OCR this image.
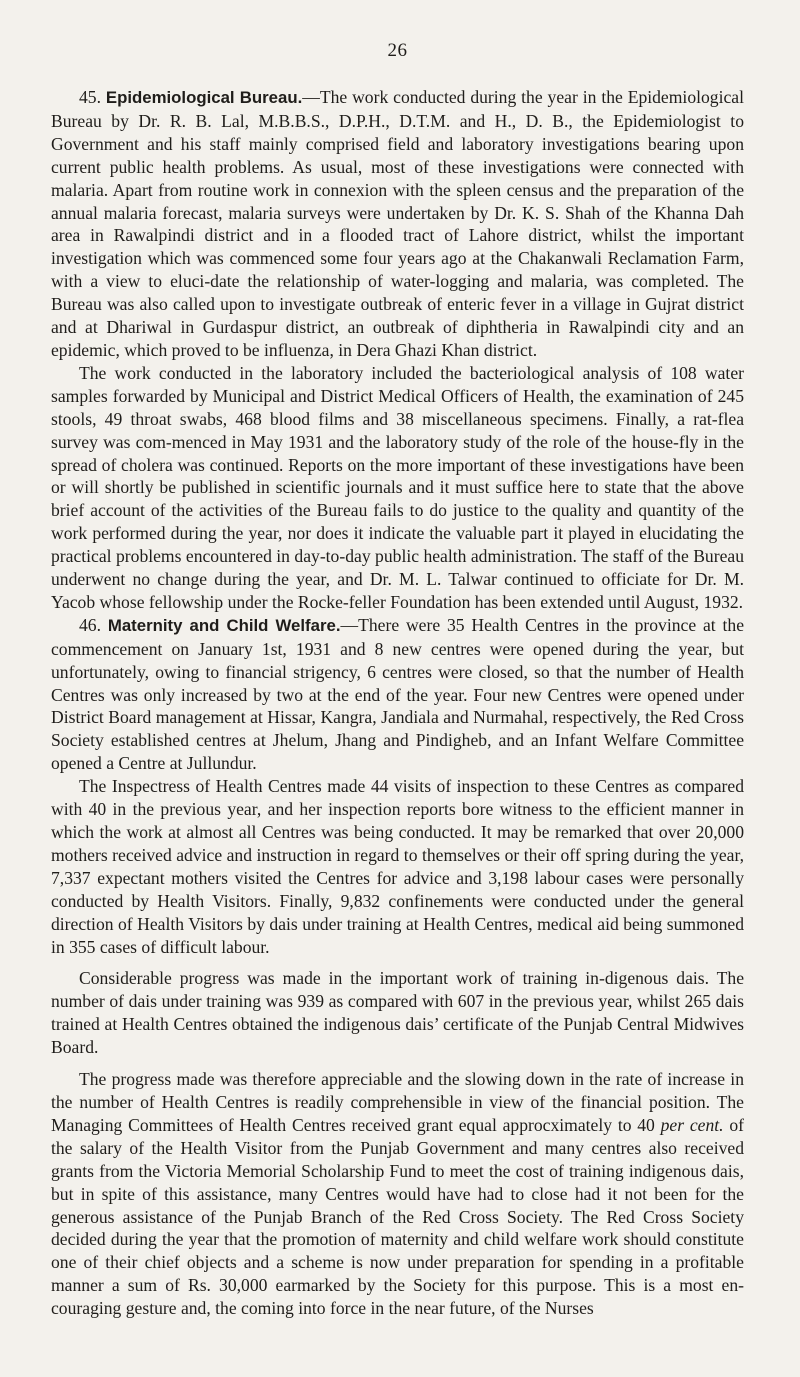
26

45. Epidemiological Bureau.—The work conducted during the year in the Epidemiological Bureau by Dr. R. B. Lal, M.B.B.S., D.P.H., D.T.M. and H., D. B., the Epidemiologist to Government and his staff mainly comprised field and laboratory investigations bearing upon current public health problems. As usual, most of these investigations were connected with malaria. Apart from routine work in connexion with the spleen census and the preparation of the annual malaria forecast, malaria surveys were undertaken by Dr. K. S. Shah of the Khanna Dah area in Rawalpindi district and in a flooded tract of Lahore district, whilst the important investigation which was commenced some four years ago at the Chakanwali Reclamation Farm, with a view to eluci-date the relationship of water-logging and malaria, was completed. The Bureau was also called upon to investigate outbreak of enteric fever in a village in Gujrat district and at Dhariwal in Gurdaspur district, an outbreak of diphtheria in Rawalpindi city and an epidemic, which proved to be influenza, in Dera Ghazi Khan district.

The work conducted in the laboratory included the bacteriological analysis of 108 water samples forwarded by Municipal and District Medical Officers of Health, the examination of 245 stools, 49 throat swabs, 468 blood films and 38 miscellaneous specimens. Finally, a rat-flea survey was com-menced in May 1931 and the laboratory study of the role of the house-fly in the spread of cholera was continued. Reports on the more important of these investigations have been or will shortly be published in scientific journals and it must suffice here to state that the above brief account of the activities of the Bureau fails to do justice to the quality and quantity of the work performed during the year, nor does it indicate the valuable part it played in elucidating the practical problems encountered in day-to-day public health administration. The staff of the Bureau underwent no change during the year, and Dr. M. L. Talwar continued to officiate for Dr. M. Yacob whose fellowship under the Rocke-feller Foundation has been extended until August, 1932.

46. Maternity and Child Welfare.—There were 35 Health Centres in the province at the commencement on January 1st, 1931 and 8 new centres were opened during the year, but unfortunately, owing to financial strigency, 6 centres were closed, so that the number of Health Centres was only increased by two at the end of the year. Four new Centres were opened under District Board management at Hissar, Kangra, Jandiala and Nurmahal, respectively, the Red Cross Society established centres at Jhelum, Jhang and Pindigheb, and an Infant Welfare Committee opened a Centre at Jullundur.

The Inspectress of Health Centres made 44 visits of inspection to these Centres as compared with 40 in the previous year, and her inspection reports bore witness to the efficient manner in which the work at almost all Centres was being conducted. It may be remarked that over 20,000 mothers received advice and instruction in regard to themselves or their off spring during the year, 7,337 expectant mothers visited the Centres for advice and 3,198 labour cases were personally conducted by Health Visitors. Finally, 9,832 confinements were conducted under the general direction of Health Visitors by dais under training at Health Centres, medical aid being summoned in 355 cases of difficult labour.

Considerable progress was made in the important work of training in-digenous dais. The number of dais under training was 939 as compared with 607 in the previous year, whilst 265 dais trained at Health Centres obtained the indigenous dais’ certificate of the Punjab Central Midwives Board.

The progress made was therefore appreciable and the slowing down in the rate of increase in the number of Health Centres is readily comprehensible in view of the financial position. The Managing Committees of Health Centres received grant equal approcximately to 40 per cent. of the salary of the Health Visitor from the Punjab Government and many centres also received grants from the Victoria Memorial Scholarship Fund to meet the cost of training indigenous dais, but in spite of this assistance, many Centres would have had to close had it not been for the generous assistance of the Punjab Branch of the Red Cross Society. The Red Cross Society decided during the year that the promotion of maternity and child welfare work should constitute one of their chief objects and a scheme is now under preparation for spending in a profitable manner a sum of Rs. 30,000 earmarked by the Society for this purpose. This is a most en-couraging gesture and, the coming into force in the near future, of the Nurses
